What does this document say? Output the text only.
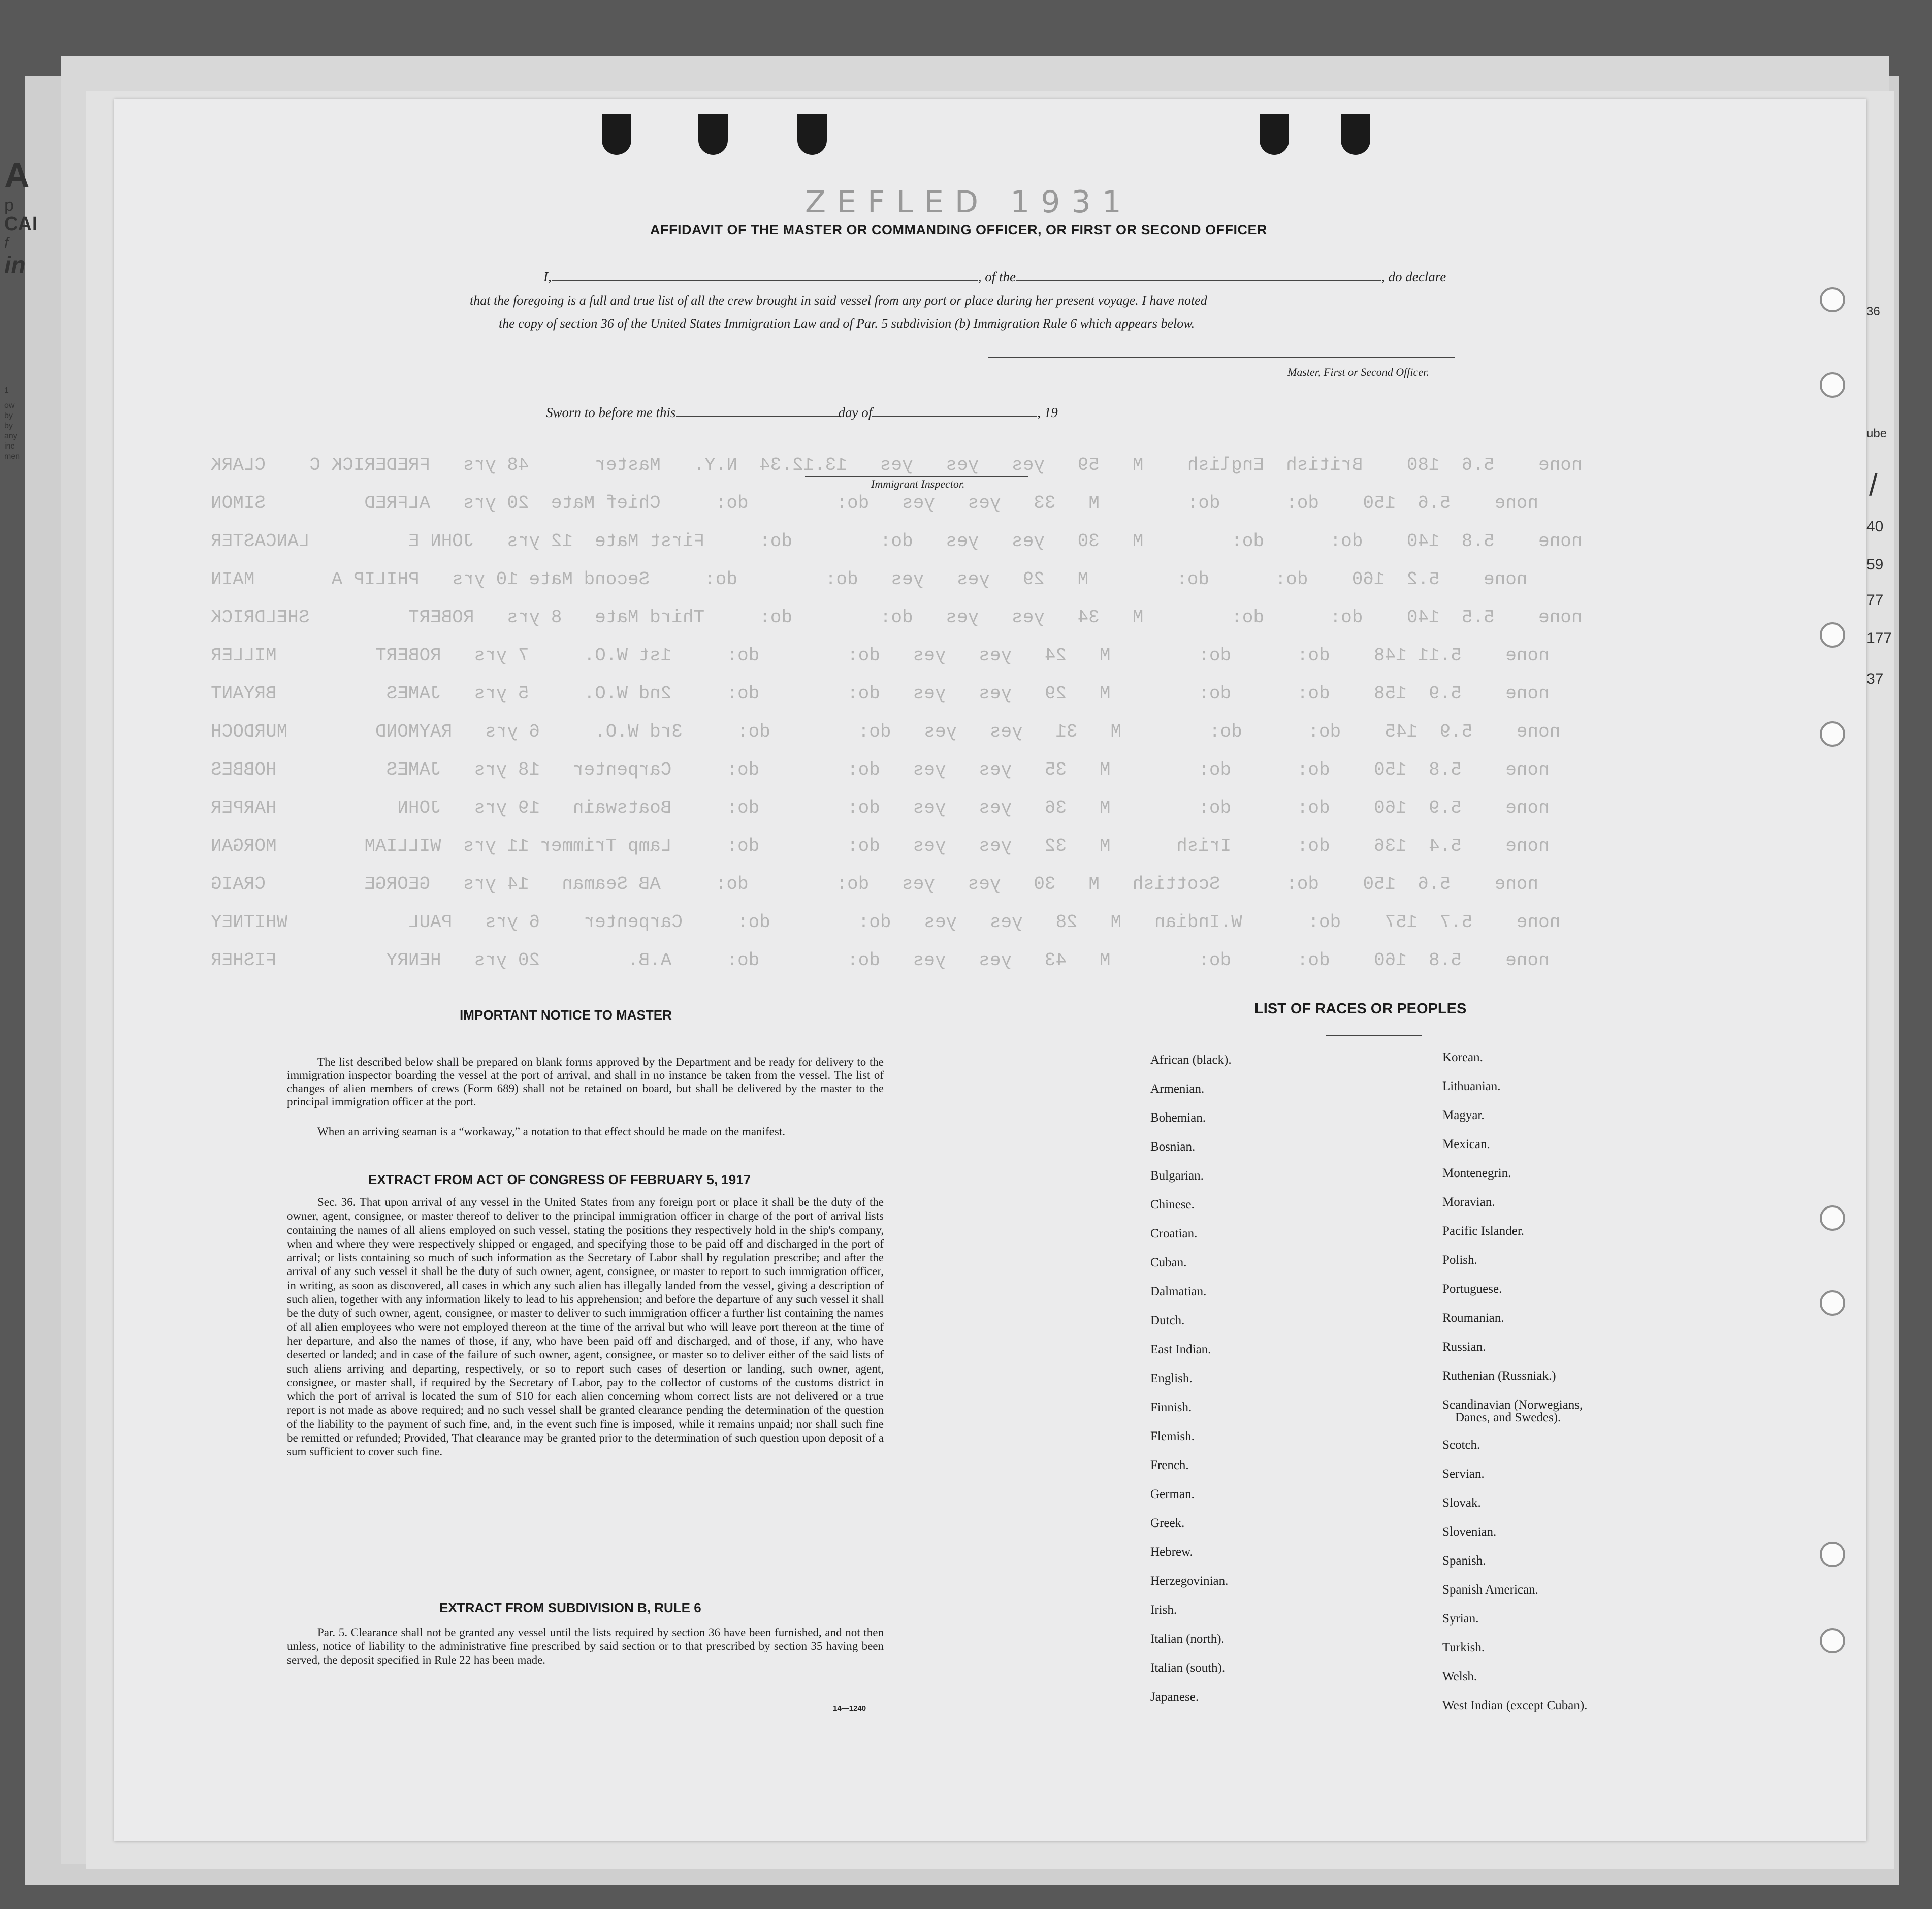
A
p
CAI
f
in
1
ow
by
by
any
inc
men
36
ube
/
40
59
77
177
37
ZEFLED 1931
none    5.6  180    British  English    M   59   yes   yes   yes   13.12.34  N.Y.   Master      48 yrs   FREDERICK C    CLARK
none    5.6  150    do:      do:        M   33   yes   yes   do:        do:     Chief Mate  20 yrs   ALFRED         SIMON
none    5.8  140    do:      do:        M   30   yes   yes   do:        do:     First Mate  12 yrs   JOHN E         LANCASTER
none    5.2  160    do:      do:        M   29   yes   yes   do:        do:     Second Mate 10 yrs   PHILIP A       MAIN
none    5.5  140    do:      do:        M   34   yes   yes   do:        do:     Third Mate   8 yrs   ROBERT         SHELDRICK
none    5.11 148    do:      do:        M   24   yes   yes   do:        do:     1st W.O.     7 yrs   ROBERT         MILLER
none    5.9  158    do:      do:        M   29   yes   yes   do:        do:     2nd W.O.     5 yrs   JAMES          BRYANT
none    5.9  145    do:      do:        M   31   yes   yes   do:        do:     3rd W.O.     6 yrs   RAYMOND        MURDOCH
none    5.8  150    do:      do:        M   35   yes   yes   do:        do:     Carpenter   18 yrs   JAMES          HOBBES
none    5.9  160    do:      do:        M   36   yes   yes   do:        do:     Boatswain   19 yrs   JOHN           HARPER
none    5.4  136    do:      Irish      M   32   yes   yes   do:        do:     Lamp Trimmer 11 yrs  WILLIAM        MORGAN
none    5.6  150    do:      Scottish   M   30   yes   yes   do:        do:     AB Seaman   14 yrs   GEORGE         CRAIG
none    5.7  157    do:      W.Indian   M   28   yes   yes   do:        do:     Carpenter    6 yrs   PAUL           WHITNEY
none    5.8  160    do:      do:        M   43   yes   yes   do:        do:     A.B.        20 yrs   HENRY          FISHER
AFFIDAVIT OF THE MASTER OR COMMANDING OFFICER, OR FIRST OR SECOND OFFICER
I,	, of the	, do declare
that the foregoing is a full and true list of all the crew brought in said vessel from any port or place during her present voyage. I have noted
the copy of section 36 of the United States Immigration Law and of Par. 5 subdivision (b) Immigration Rule 6 which appears below.
Master, First or Second Officer.
Sworn to before me this	day of	, 19
Immigrant Inspector.
IMPORTANT NOTICE TO MASTER
The list described below shall be prepared on blank forms approved by the Department and be ready for delivery to the immigration inspector boarding the vessel at the port of arrival, and shall in no instance be taken from the vessel. The list of changes of alien members of crews (Form 689) shall not be retained on board, but shall be delivered by the master to the principal immigration officer at the port.
When an arriving seaman is a “workaway,” a notation to that effect should be made on the manifest.
EXTRACT FROM ACT OF CONGRESS OF FEBRUARY 5, 1917
Sec. 36. That upon arrival of any vessel in the United States from any foreign port or place it shall be the duty of the owner, agent, consignee, or master thereof to deliver to the principal immigration officer in charge of the port of arrival lists containing the names of all aliens employed on such vessel, stating the positions they respectively hold in the ship's company, when and where they were respectively shipped or engaged, and specifying those to be paid off and discharged in the port of arrival; or lists containing so much of such information as the Secretary of Labor shall by regulation prescribe; and after the arrival of any such vessel it shall be the duty of such owner, agent, consignee, or master to report to such immigration officer, in writing, as soon as discovered, all cases in which any such alien has illegally landed from the vessel, giving a description of such alien, together with any information likely to lead to his apprehension; and before the departure of any such vessel it shall be the duty of such owner, agent, consignee, or master to deliver to such immigration officer a further list containing the names of all alien employees who were not employed thereon at the time of the arrival but who will leave port thereon at the time of her departure, and also the names of those, if any, who have been paid off and discharged, and of those, if any, who have deserted or landed; and in case of the failure of such owner, agent, consignee, or master so to deliver either of the said lists of such aliens arriving and departing, respectively, or so to report such cases of desertion or landing, such owner, agent, consignee, or master shall, if required by the Secretary of Labor, pay to the collector of customs of the customs district in which the port of arrival is located the sum of $10 for each alien concerning whom correct lists are not delivered or a true report is not made as above required; and no such vessel shall be granted clearance pending the determination of the question of the liability to the payment of such fine, and, in the event such fine is imposed, while it remains unpaid; nor shall such fine be remitted or refunded; Provided, That clearance may be granted prior to the determination of such question upon deposit of a sum sufficient to cover such fine.
EXTRACT FROM SUBDIVISION B, RULE 6
Par. 5. Clearance shall not be granted any vessel until the lists required by section 36 have been furnished, and not then unless, notice of liability to the administrative fine prescribed by said section or to that prescribed by section 35 having been served, the deposit specified in Rule 22 has been made.
14—1240
LIST OF RACES OR PEOPLES
African (black).
Armenian.
Bohemian.
Bosnian.
Bulgarian.
Chinese.
Croatian.
Cuban.
Dalmatian.
Dutch.
East Indian.
English.
Finnish.
Flemish.
French.
German.
Greek.
Hebrew.
Herzegovinian.
Irish.
Italian (north).
Italian (south).
Japanese.
Korean.
Lithuanian.
Magyar.
Mexican.
Montenegrin.
Moravian.
Pacific Islander.
Polish.
Portuguese.
Roumanian.
Russian.
Ruthenian (Russniak.)
Scandinavian (Norwegians,
Danes, and Swedes).
Scotch.
Servian.
Slovak.
Slovenian.
Spanish.
Spanish American.
Syrian.
Turkish.
Welsh.
West Indian (except Cuban).
